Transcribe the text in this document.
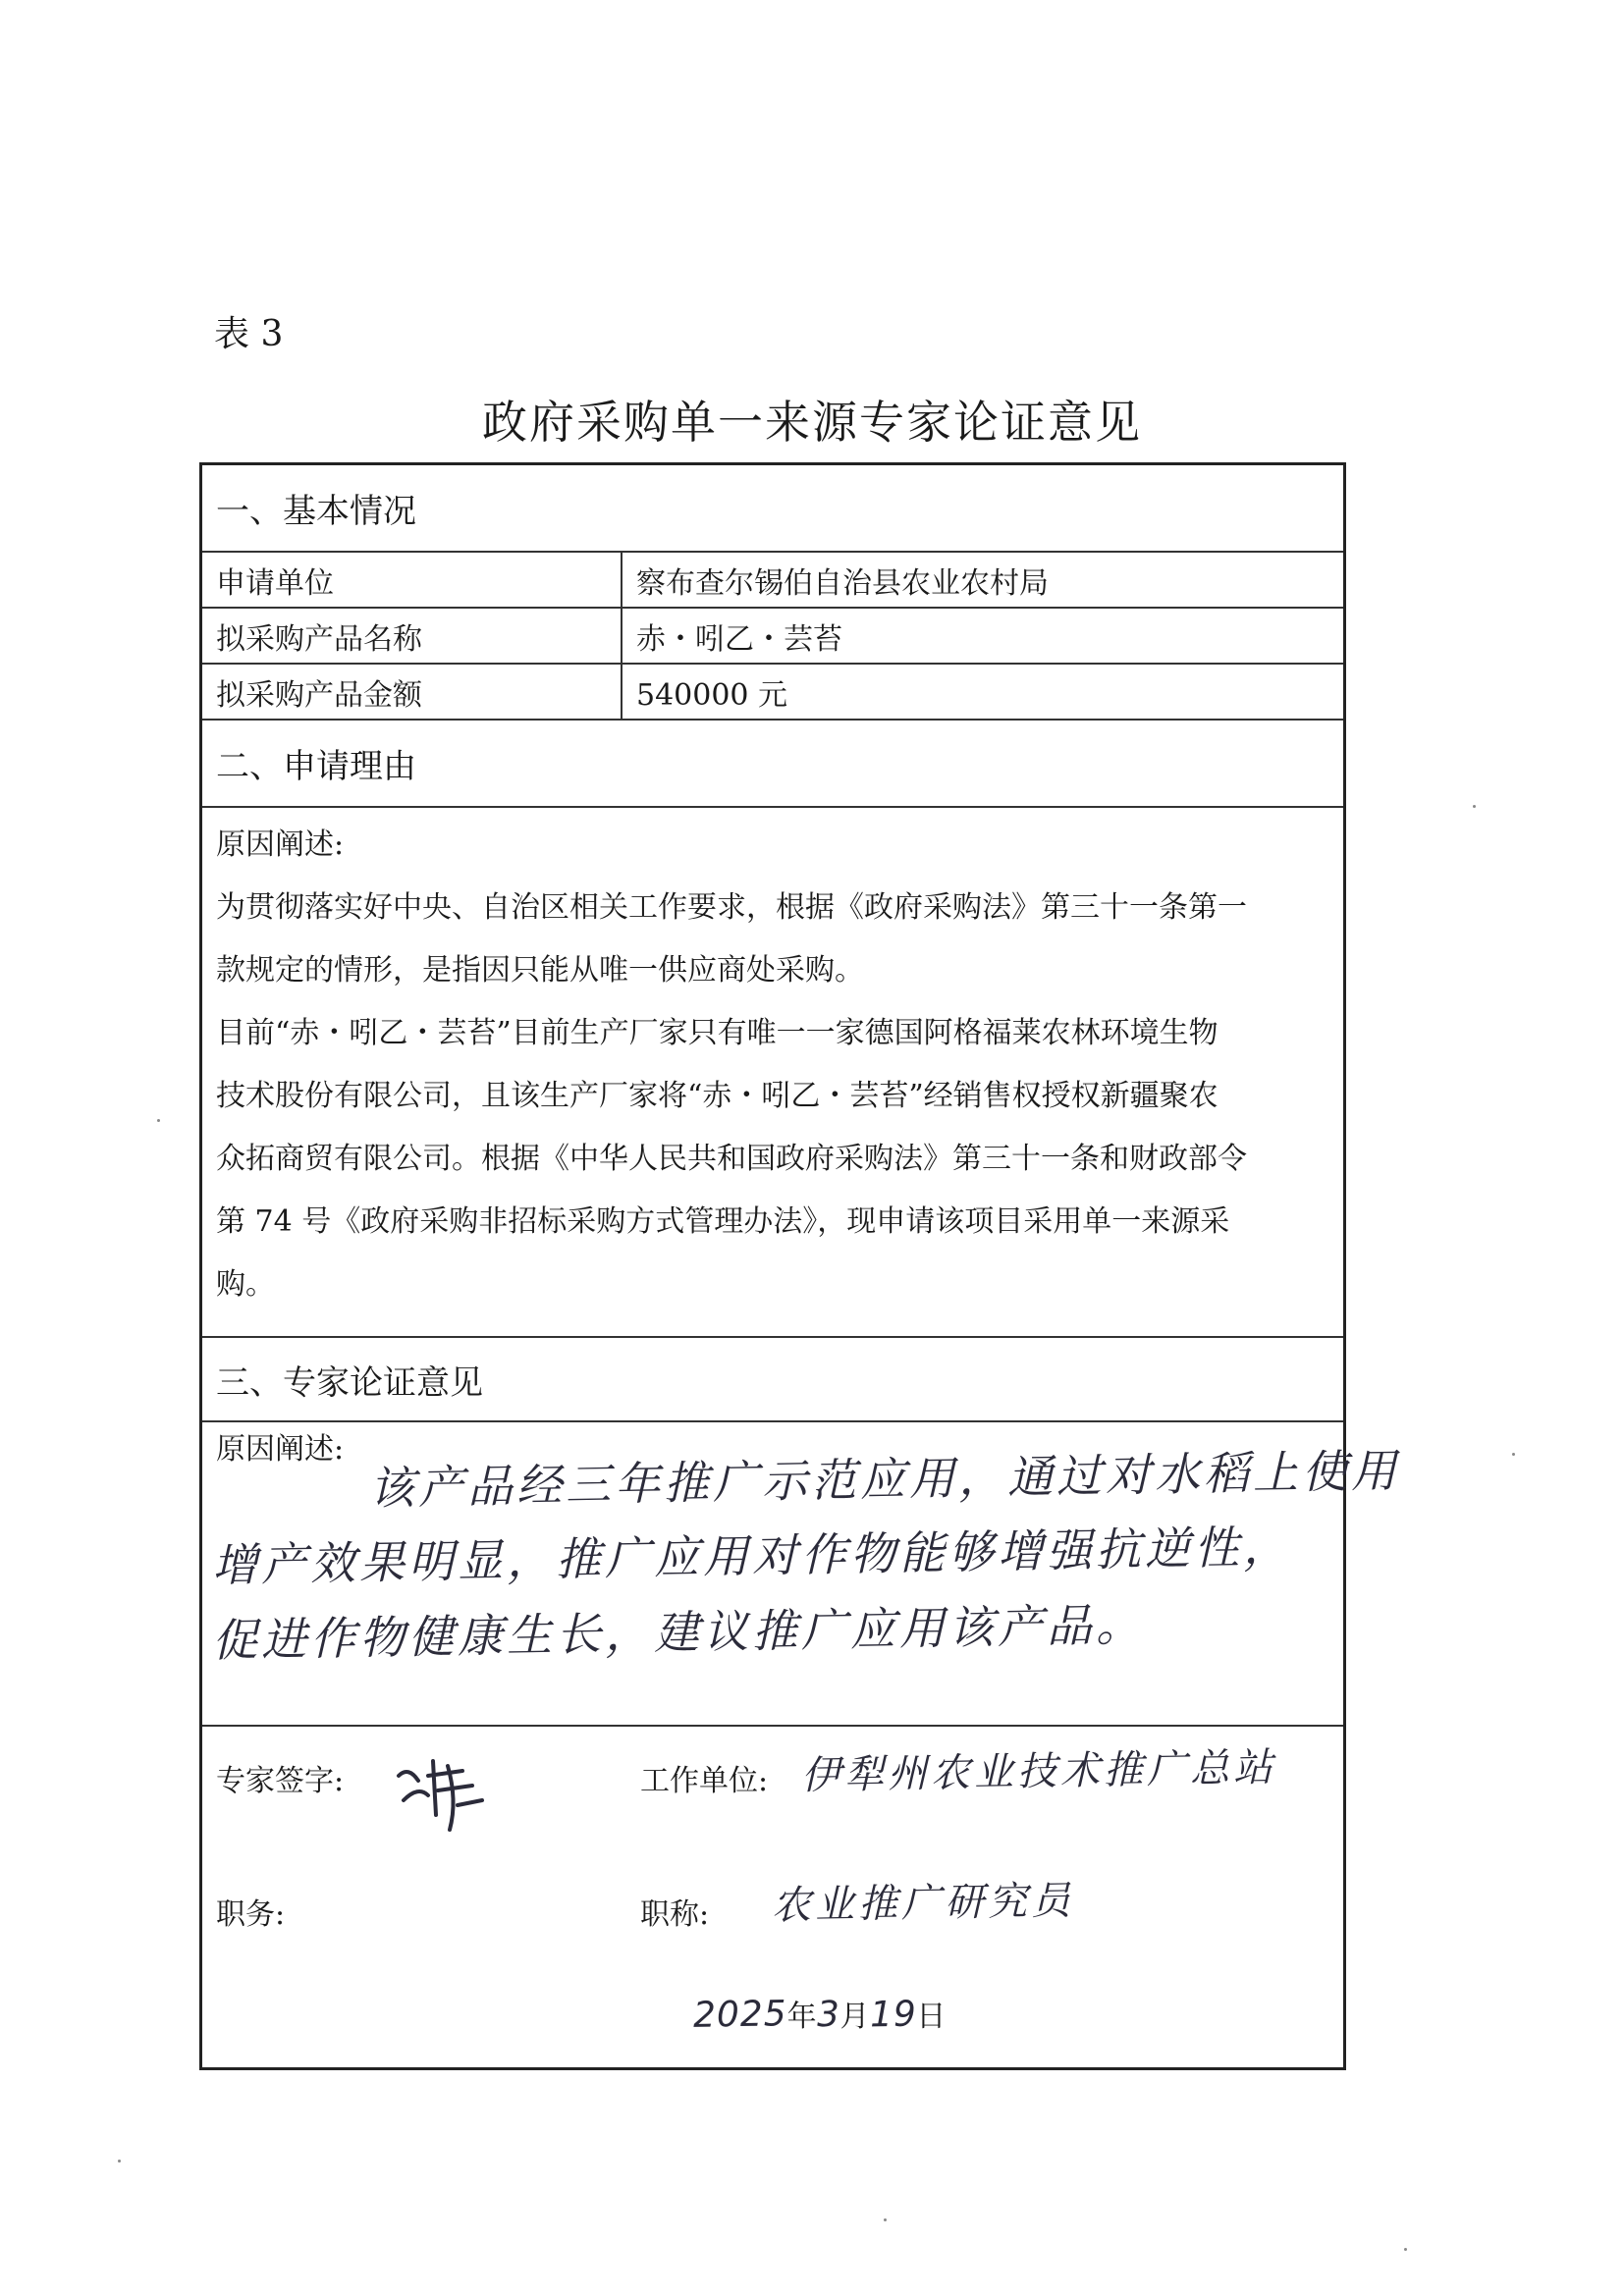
表 3
政府采购单一来源专家论证意见
一、基本情况
申请单位	察布查尔锡伯自治县农业农村局
拟采购产品名称	赤・吲乙・芸苔
拟采购产品金额	540000 元
二、申请理由
原因阐述:
为贯彻落实好中央、自治区相关工作要求，根据《政府采购法》第三十一条第一
款规定的情形，是指因只能从唯一供应商处采购。
目前“赤・吲乙・芸苔”目前生产厂家只有唯一一家德国阿格福莱农林环境生物
技术股份有限公司，且该生产厂家将“赤・吲乙・芸苔”经销售权授权新疆聚农
众拓商贸有限公司。根据《中华人民共和国政府采购法》第三十一条和财政部令
第 74 号《政府采购非招标采购方式管理办法》，现申请该项目采用单一来源采
购。
三、专家论证意见
原因阐述: 该产品经三年推广示范应用，通过对水稻上使用
增产效果明显，推广应用对作物能够增强抗逆性，
促进作物健康生长，建议推广应用该产品。
专家签字:	工作单位: 伊犁州农业技术推广总站
职务:	职称: 农业推广研究员
2025 年 3 月 19 日
